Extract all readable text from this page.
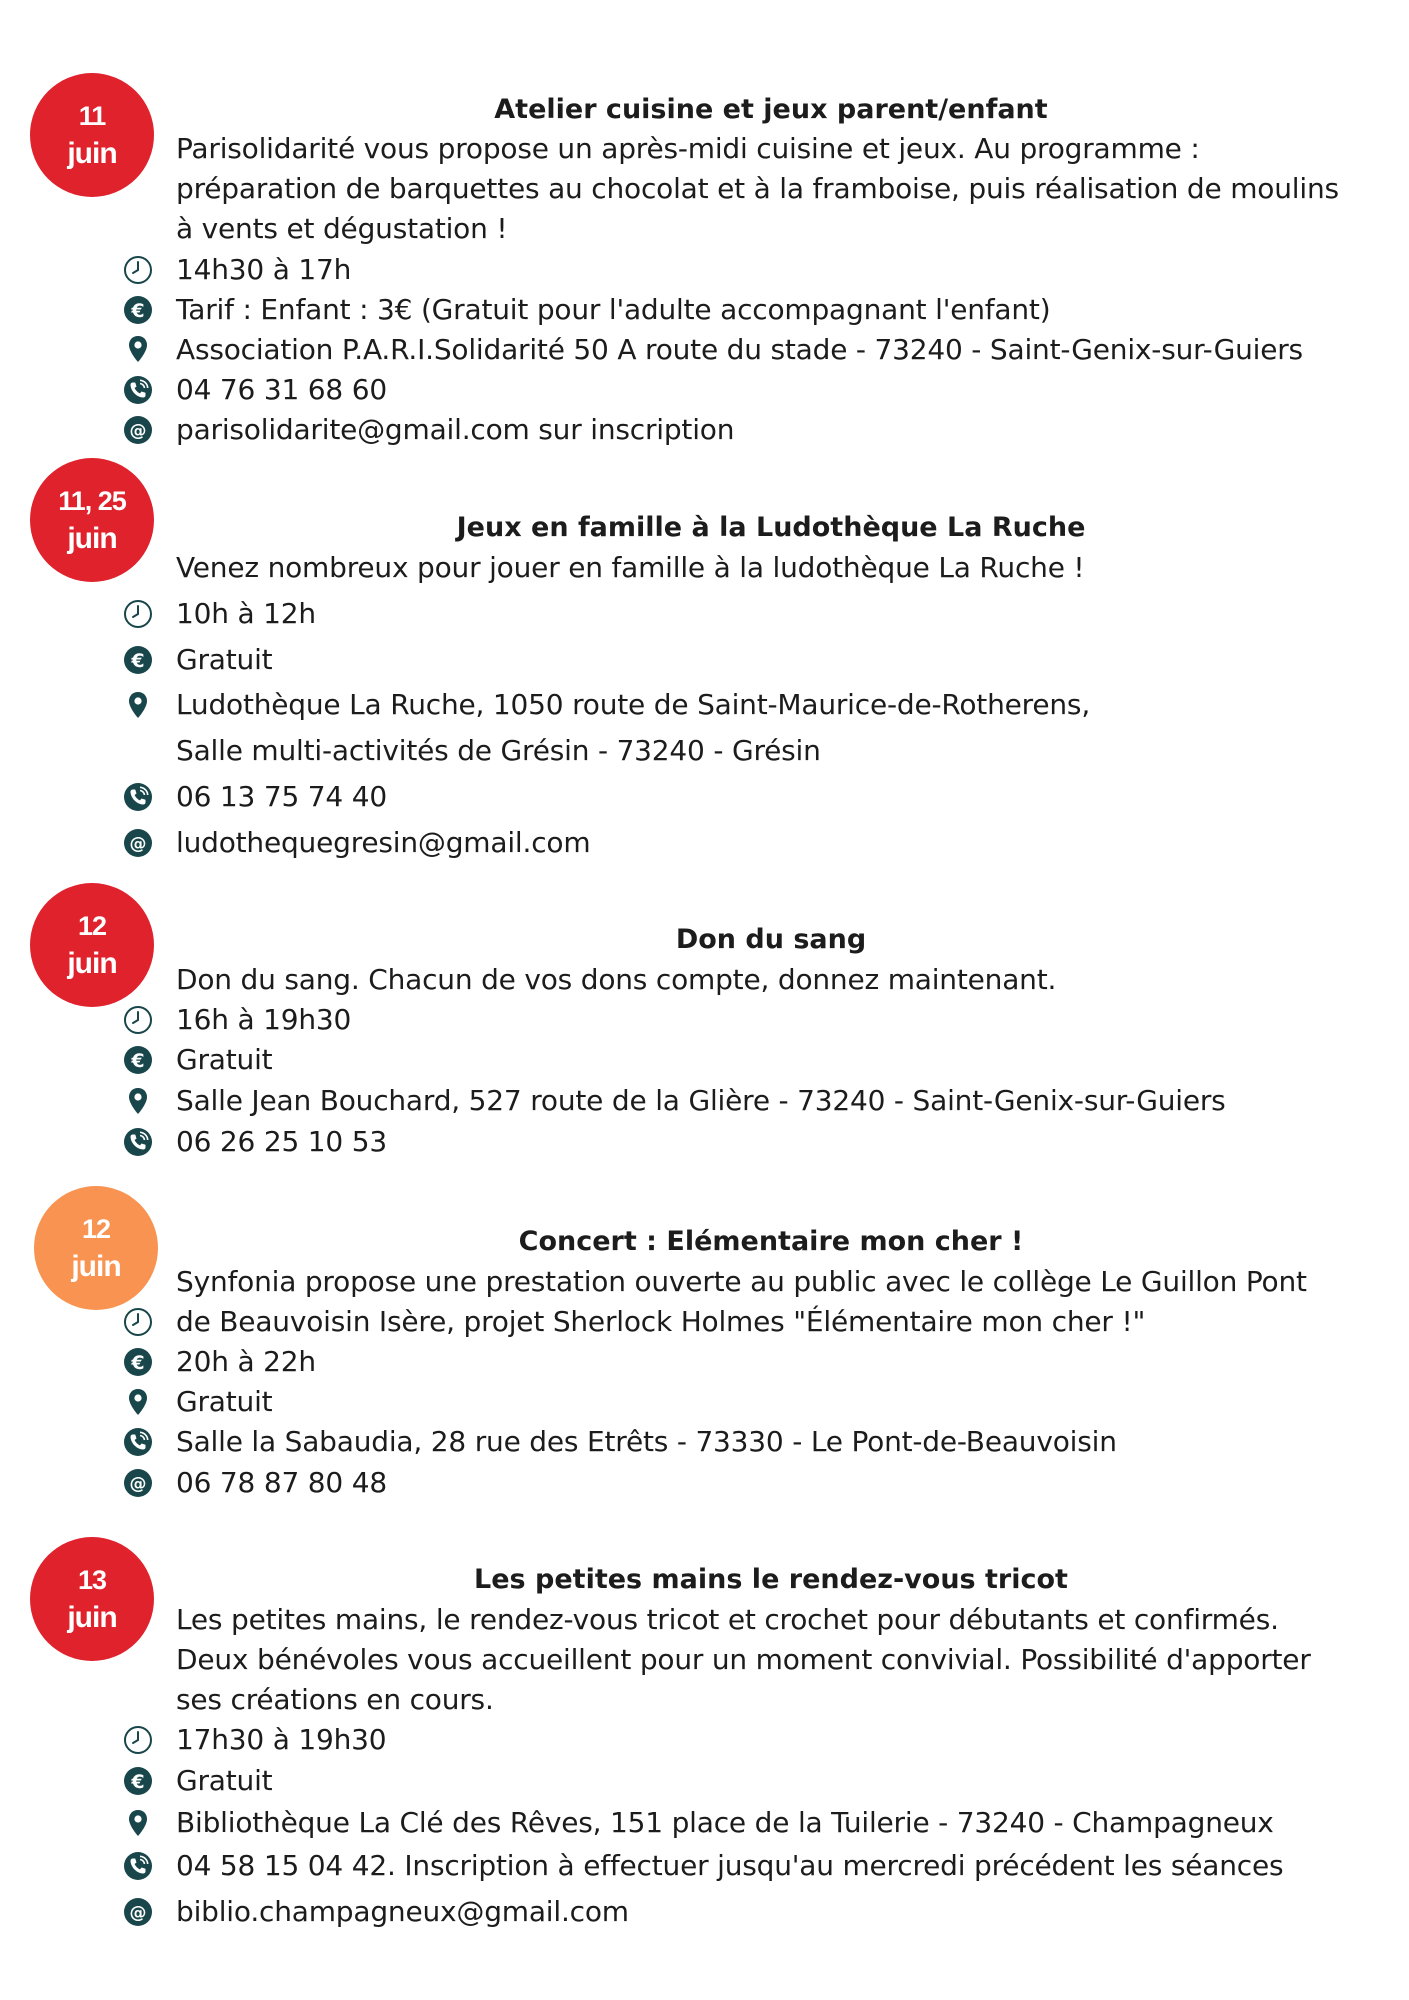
11
juin
Atelier cuisine et jeux parent/enfant
Parisolidarité vous propose un après-midi cuisine et jeux. Au programme :
préparation de barquettes au chocolat et à la framboise, puis réalisation de moulins
à vents et dégustation !
14h30 à 17h
€ Tarif : Enfant : 3€ (Gratuit pour l'adulte accompagnant l'enfant)
Association P.A.R.I.Solidarité 50 A route du stade - 73240 - Saint-Genix-sur-Guiers
04 76 31 68 60
@ parisolidarite@gmail.com sur inscription
11, 25
juin	Jeux en famille à la Ludothèque La Ruche
Venez nombreux pour jouer en famille à la ludothèque La Ruche !
10h à 12h
€ Gratuit
Ludothèque La Ruche, 1050 route de Saint-Maurice-de-Rotherens,
Salle multi-activités de Grésin - 73240 - Grésin
06 13 75 74 40
@ ludothequegresin@gmail.com
12
juin
Don du sang
Don du sang. Chacun de vos dons compte, donnez maintenant.
16h à 19h30
€ Gratuit
Salle Jean Bouchard, 527 route de la Glière - 73240 - Saint-Genix-sur-Guiers
06 26 25 10 53
12
juin
Concert : Elémentaire mon cher !
Synfonia propose une prestation ouverte au public avec le collège Le Guillon Pont
de Beauvoisin Isère, projet Sherlock Holmes "Élémentaire mon cher !"
€ 20h à 22h
Gratuit
Salle la Sabaudia, 28 rue des Etrêts - 73330 - Le Pont-de-Beauvoisin
@ 06 78 87 80 48
13
juin
Les petites mains le rendez-vous tricot
Les petites mains, le rendez-vous tricot et crochet pour débutants et confirmés.
Deux bénévoles vous accueillent pour un moment convivial. Possibilité d'apporter
ses créations en cours.
17h30 à 19h30
€ Gratuit
Bibliothèque La Clé des Rêves, 151 place de la Tuilerie - 73240 - Champagneux
04 58 15 04 42. Inscription à effectuer jusqu'au mercredi précédent les séances
@ biblio.champagneux@gmail.com
